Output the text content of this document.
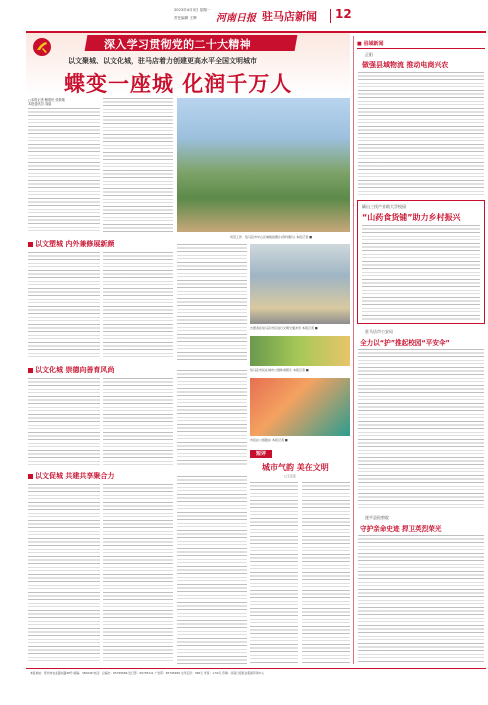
2023年4月3日 星期一
责任编辑 王辉 河南日报 驻马店新闻 12
深入学习贯彻党的二十大精神
以文聚城、以文化城，驻马店着力创建更高水平全国文明城市
蝶变一座城 化润千万人
□本报记者 鲍建民 张敬敏
本报通讯员 周丽
风景工作、驻马店市中心区域航拍图片(资料图片) 本报记者 ■
以文塑城 内外兼修展新颜
志愿者在驻马店市区进行文明交通劝导 本报记者 ■
驻马店市民在城市公园休闲娱乐 本报记者 ■
以文化城 崇德向善育风尚
市民在公园散步 本报记者 ■
短评
城市气韵 美在文明
□王正宜
以文促城 共建共享聚合力
■ 县域新闻
正阳
做强县域物流 推动电商兴农
确山三找产业助大学校园
“山药食货铺”助力乡村振兴
驻马店市公安局
全力以“护”推起校园“平安伞”
遂平县检察院
守护亲命史迹 捍卫英烈荣光
本报地址：郑州市农业路东路28号 邮编：450046 电话：总编办：65795666 发行部：65795111 广告部：65795999 全年定价：396元 零售：1.50元 印刷：河南日报报业集团印务中心
